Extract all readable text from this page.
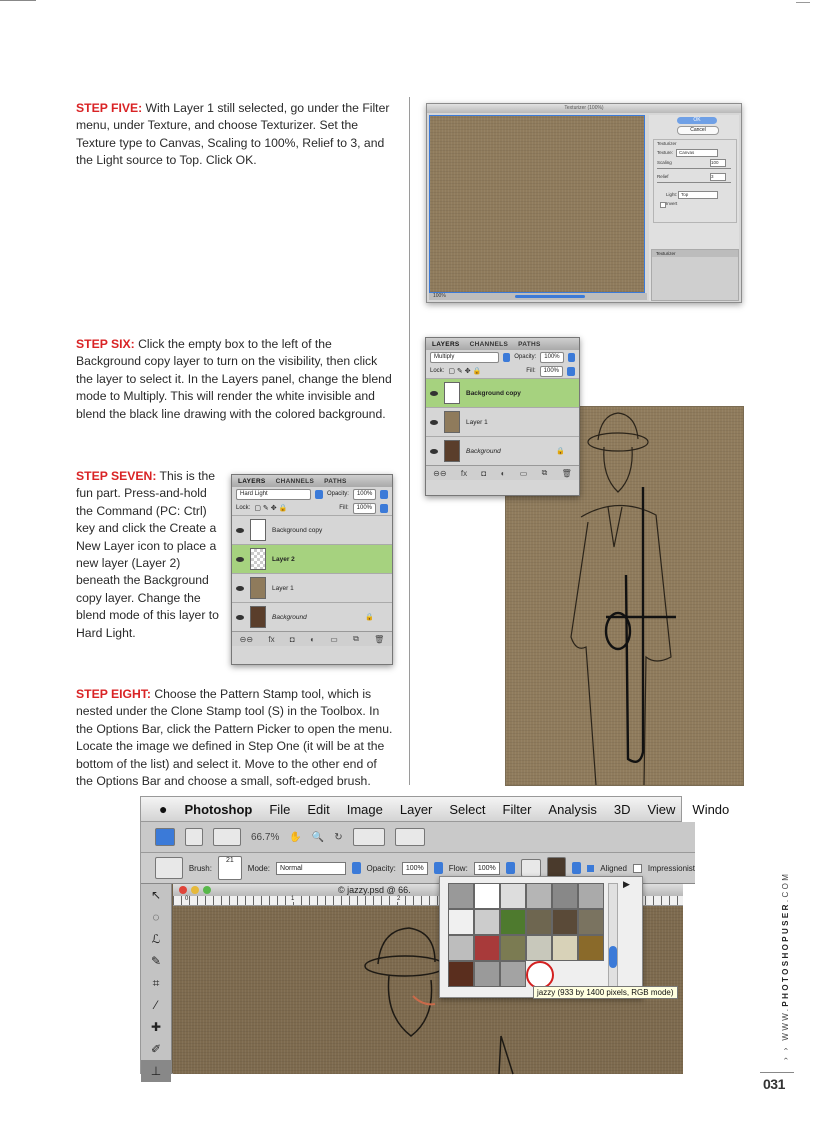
STEP FIVE: With Layer 1 still selected, go under the Filter menu, under Texture, and choose Texturizer. Set the Texture type to Canvas, Scaling to 100%, Relief to 3, and the Light source to Top. Click OK.
STEP SIX: Click the empty box to the left of the Background copy layer to turn on the visibility, then click the layer to select it. In the Layers panel, change the blend mode to Multiply. This will render the white invisible and blend the black line drawing with the colored background.
STEP SEVEN: This is the fun part. Press-and-hold the Command (PC: Ctrl) key and click the Create a New Layer icon to place a new layer (Layer 2) beneath the Background copy layer. Change the blend mode of this layer to Hard Light.
STEP EIGHT: Choose the Pattern Stamp tool, which is nested under the Clone Stamp tool (S) in the Toolbox. In the Options Bar, click the Pattern Picker to open the menu. Locate the image we defined in Step One (it will be at the bottom of the list) and select it. Move to the other end of the Options Bar and choose a small, soft-edged brush.
Texturizer (100%)
100%
OK
Cancel
Texturizer
Texture:	Canvas
Scaling	100
Relief	3
Light: Top
Invert
Texturizer
LAYERS CHANNELS PATHS
Multiply	Opacity:	100%
Lock: ▢ ✎ ✥ 🔒	Fill:	100%
Background copy
Layer 1
Background	🔒
⊖⊖ fx ◘ ◐ ▭ ⧉ 🗑
LAYERS CHANNELS PATHS
Hard Light	Opacity:	100%
Lock: ▢ ✎ ✥ 🔒	Fill:	100%
Background copy
Layer 2
Layer 1
Background	🔒
⊖⊖ fx ◘ ◐ ▭ ⧉ 🗑
● Photoshop File Edit Image Layer Select Filter Analysis 3D View Windo
66.7% ✋ 🔍 ↻
Brush:
21
Mode:	Normal	Opacity:	100%	Flow:	100%	Aligned	Impressionist
↖
◌
ℒ
✎
⌗
⁄
✚
✐
⊥
© jazzy.psd @ 66.
0	1	2
▶
jazzy (933 by 1400 pixels, RGB mode)
› › WWW.PHOTOSHOPUSER.COM
031
